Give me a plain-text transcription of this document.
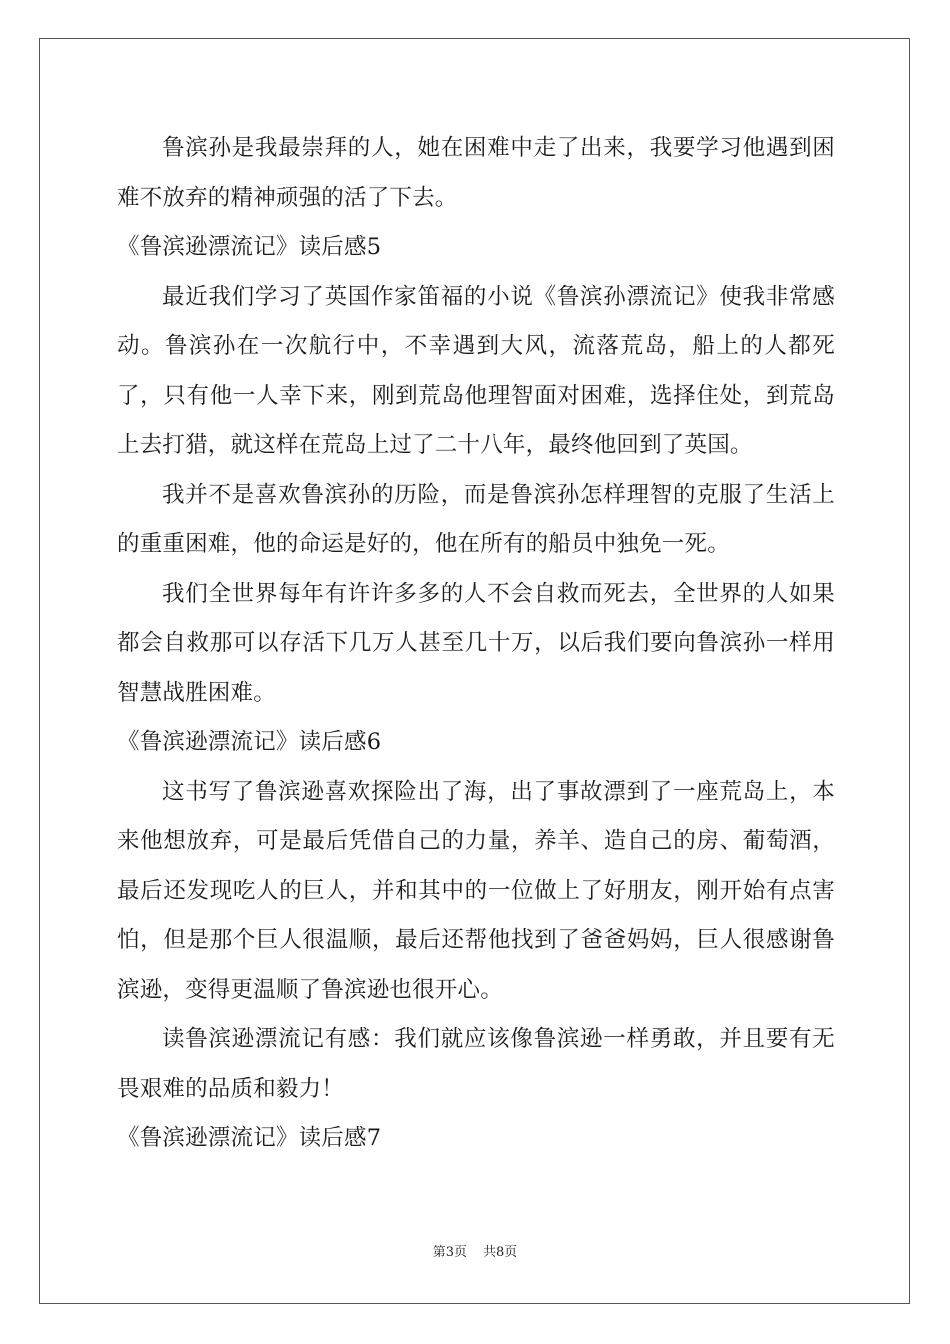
鲁滨孙是我最崇拜的人，她在困难中走了出来，我要学习他遇到困难不放弃的精神顽强的活了下去。

《鲁滨逊漂流记》读后感5

最近我们学习了英国作家笛福的小说《鲁滨孙漂流记》使我非常感动。鲁滨孙在一次航行中，不幸遇到大风，流落荒岛，船上的人都死了，只有他一人幸下来，刚到荒岛他理智面对困难，选择住处，到荒岛上去打猎，就这样在荒岛上过了二十八年，最终他回到了英国。

我并不是喜欢鲁滨孙的历险，而是鲁滨孙怎样理智的克服了生活上的重重困难，他的命运是好的，他在所有的船员中独免一死。

我们全世界每年有许许多多的人不会自救而死去，全世界的人如果都会自救那可以存活下几万人甚至几十万，以后我们要向鲁滨孙一样用智慧战胜困难。

《鲁滨逊漂流记》读后感6

这书写了鲁滨逊喜欢探险出了海，出了事故漂到了一座荒岛上，本来他想放弃，可是最后凭借自己的力量，养羊、造自己的房、葡萄酒，最后还发现吃人的巨人，并和其中的一位做上了好朋友，刚开始有点害怕，但是那个巨人很温顺，最后还帮他找到了爸爸妈妈，巨人很感谢鲁滨逊，变得更温顺了鲁滨逊也很开心。

读鲁滨逊漂流记有感：我们就应该像鲁滨逊一样勇敢，并且要有无畏艰难的品质和毅力！

《鲁滨逊漂流记》读后感7

第3页 共8页
